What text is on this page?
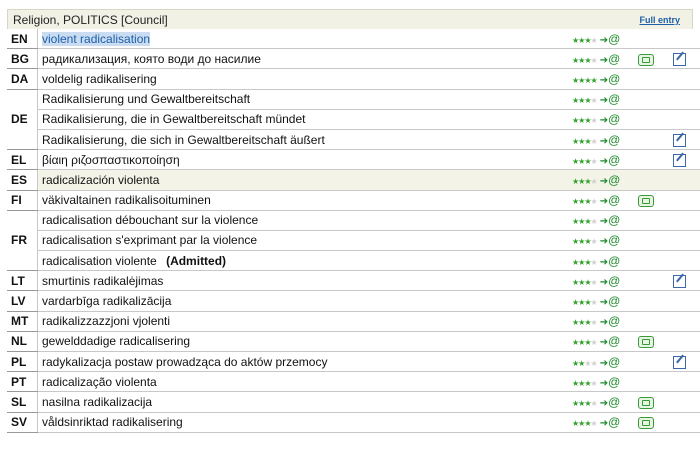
Religion, POLITICS [Council]	Full entry
EN	violent radicalisation	★★★★ ➔@			
BG	радикализация, която води до насилие	★★★★ ➔@			
DA	voldelig radikalisering	★★★★ ➔@			
DE	Radikalisierung und Gewaltbereitschaft	★★★★ ➔@			
	Radikalisierung, die in Gewaltbereitschaft mündet	★★★★ ➔@			
	Radikalisierung, die sich in Gewaltbereitschaft äußert	★★★★ ➔@			
EL	βίαιη ριζοσπαστικοποίηση	★★★★ ➔@			
ES	radicalización violenta	★★★★ ➔@			
FI	väkivaltainen radikalisoituminen	★★★★ ➔@			
FR	radicalisation débouchant sur la violence	★★★★ ➔@			
	radicalisation s'exprimant par la violence	★★★★ ➔@			
	radicalisation violente (Admitted)	★★★★ ➔@			
LT	smurtinis radikalėjimas	★★★★ ➔@			
LV	vardarbīga radikalizācija	★★★★ ➔@			
MT	radikalizzazzjoni vjolenti	★★★★ ➔@			
NL	gewelddadige radicalisering	★★★★ ➔@			
PL	radykalizacja postaw prowadząca do aktów przemocy	★★★★ ➔@			
PT	radicalização violenta	★★★★ ➔@			
SL	nasilna radikalizacija	★★★★ ➔@			
SV	våldsinriktad radikalisering	★★★★ ➔@			
